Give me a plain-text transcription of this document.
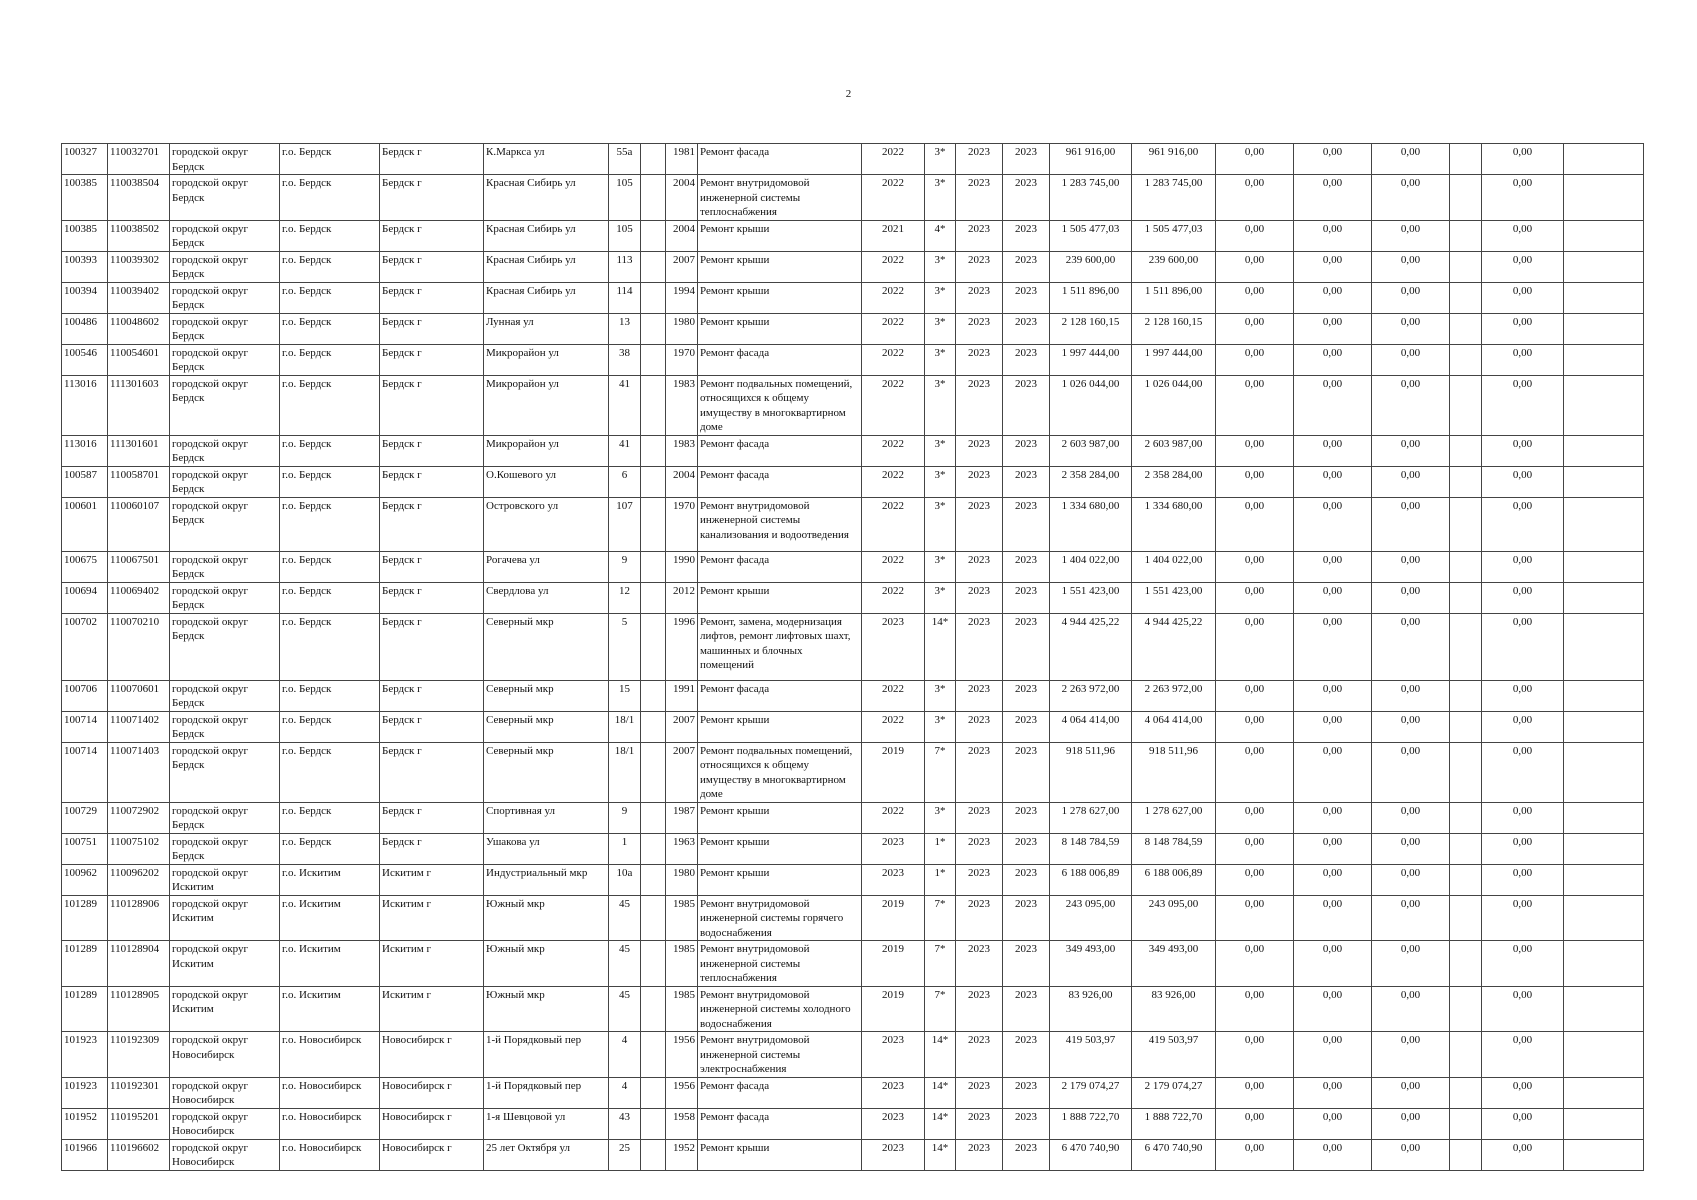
2
100327	110032701	городской округ Бердск	г.о. Бердск	Бердск г	К.Маркса ул	55а		1981	Ремонт фасада	2022	3*	2023	2023	961 916,00	961 916,00	0,00	0,00	0,00		0,00	
100385	110038504	городской округ Бердск	г.о. Бердск	Бердск г	Красная Сибирь ул	105		2004	Ремонт внутридомовой инженерной системы теплоснабжения	2022	3*	2023	2023	1 283 745,00	1 283 745,00	0,00	0,00	0,00		0,00	
100385	110038502	городской округ Бердск	г.о. Бердск	Бердск г	Красная Сибирь ул	105		2004	Ремонт крыши	2021	4*	2023	2023	1 505 477,03	1 505 477,03	0,00	0,00	0,00		0,00	
100393	110039302	городской округ Бердск	г.о. Бердск	Бердск г	Красная Сибирь ул	113		2007	Ремонт крыши	2022	3*	2023	2023	239 600,00	239 600,00	0,00	0,00	0,00		0,00	
100394	110039402	городской округ Бердск	г.о. Бердск	Бердск г	Красная Сибирь ул	114		1994	Ремонт крыши	2022	3*	2023	2023	1 511 896,00	1 511 896,00	0,00	0,00	0,00		0,00	
100486	110048602	городской округ Бердск	г.о. Бердск	Бердск г	Лунная ул	13		1980	Ремонт крыши	2022	3*	2023	2023	2 128 160,15	2 128 160,15	0,00	0,00	0,00		0,00	
100546	110054601	городской округ Бердск	г.о. Бердск	Бердск г	Микрорайон ул	38		1970	Ремонт фасада	2022	3*	2023	2023	1 997 444,00	1 997 444,00	0,00	0,00	0,00		0,00	
113016	111301603	городской округ Бердск	г.о. Бердск	Бердск г	Микрорайон ул	41		1983	Ремонт подвальных помещений, относящихся к общему имуществу в многоквартирном доме	2022	3*	2023	2023	1 026 044,00	1 026 044,00	0,00	0,00	0,00		0,00	
113016	111301601	городской округ Бердск	г.о. Бердск	Бердск г	Микрорайон ул	41		1983	Ремонт фасада	2022	3*	2023	2023	2 603 987,00	2 603 987,00	0,00	0,00	0,00		0,00	
100587	110058701	городской округ Бердск	г.о. Бердск	Бердск г	О.Кошевого ул	6		2004	Ремонт фасада	2022	3*	2023	2023	2 358 284,00	2 358 284,00	0,00	0,00	0,00		0,00	
100601	110060107	городской округ Бердск	г.о. Бердск	Бердск г	Островского ул	107		1970	Ремонт внутридомовой инженерной системы канализования и водоотведения	2022	3*	2023	2023	1 334 680,00	1 334 680,00	0,00	0,00	0,00		0,00	
100675	110067501	городской округ Бердск	г.о. Бердск	Бердск г	Рогачева ул	9		1990	Ремонт фасада	2022	3*	2023	2023	1 404 022,00	1 404 022,00	0,00	0,00	0,00		0,00	
100694	110069402	городской округ Бердск	г.о. Бердск	Бердск г	Свердлова ул	12		2012	Ремонт крыши	2022	3*	2023	2023	1 551 423,00	1 551 423,00	0,00	0,00	0,00		0,00	
100702	110070210	городской округ Бердск	г.о. Бердск	Бердск г	Северный мкр	5		1996	Ремонт, замена, модернизация лифтов, ремонт лифтовых шахт, машинных и блочных помещений	2023	14*	2023	2023	4 944 425,22	4 944 425,22	0,00	0,00	0,00		0,00	
100706	110070601	городской округ Бердск	г.о. Бердск	Бердск г	Северный мкр	15		1991	Ремонт фасада	2022	3*	2023	2023	2 263 972,00	2 263 972,00	0,00	0,00	0,00		0,00	
100714	110071402	городской округ Бердск	г.о. Бердск	Бердск г	Северный мкр	18/1		2007	Ремонт крыши	2022	3*	2023	2023	4 064 414,00	4 064 414,00	0,00	0,00	0,00		0,00	
100714	110071403	городской округ Бердск	г.о. Бердск	Бердск г	Северный мкр	18/1		2007	Ремонт подвальных помещений, относящихся к общему имуществу в многоквартирном доме	2019	7*	2023	2023	918 511,96	918 511,96	0,00	0,00	0,00		0,00	
100729	110072902	городской округ Бердск	г.о. Бердск	Бердск г	Спортивная ул	9		1987	Ремонт крыши	2022	3*	2023	2023	1 278 627,00	1 278 627,00	0,00	0,00	0,00		0,00	
100751	110075102	городской округ Бердск	г.о. Бердск	Бердск г	Ушакова ул	1		1963	Ремонт крыши	2023	1*	2023	2023	8 148 784,59	8 148 784,59	0,00	0,00	0,00		0,00	
100962	110096202	городской округ Искитим	г.о. Искитим	Искитим г	Индустриальный мкр	10а		1980	Ремонт крыши	2023	1*	2023	2023	6 188 006,89	6 188 006,89	0,00	0,00	0,00		0,00	
101289	110128906	городской округ Искитим	г.о. Искитим	Искитим г	Южный мкр	45		1985	Ремонт внутридомовой инженерной системы горячего водоснабжения	2019	7*	2023	2023	243 095,00	243 095,00	0,00	0,00	0,00		0,00	
101289	110128904	городской округ Искитим	г.о. Искитим	Искитим г	Южный мкр	45		1985	Ремонт внутридомовой инженерной системы теплоснабжения	2019	7*	2023	2023	349 493,00	349 493,00	0,00	0,00	0,00		0,00	
101289	110128905	городской округ Искитим	г.о. Искитим	Искитим г	Южный мкр	45		1985	Ремонт внутридомовой инженерной системы холодного водоснабжения	2019	7*	2023	2023	83 926,00	83 926,00	0,00	0,00	0,00		0,00	
101923	110192309	городской округ Новосибирск	г.о. Новосибирск	Новосибирск г	1-й Порядковый пер	4		1956	Ремонт внутридомовой инженерной системы электроснабжения	2023	14*	2023	2023	419 503,97	419 503,97	0,00	0,00	0,00		0,00	
101923	110192301	городской округ Новосибирск	г.о. Новосибирск	Новосибирск г	1-й Порядковый пер	4		1956	Ремонт фасада	2023	14*	2023	2023	2 179 074,27	2 179 074,27	0,00	0,00	0,00		0,00	
101952	110195201	городской округ Новосибирск	г.о. Новосибирск	Новосибирск г	1-я Шевцовой ул	43		1958	Ремонт фасада	2023	14*	2023	2023	1 888 722,70	1 888 722,70	0,00	0,00	0,00		0,00	
101966	110196602	городской округ Новосибирск	г.о. Новосибирск	Новосибирск г	25 лет Октября ул	25		1952	Ремонт крыши	2023	14*	2023	2023	6 470 740,90	6 470 740,90	0,00	0,00	0,00		0,00	
